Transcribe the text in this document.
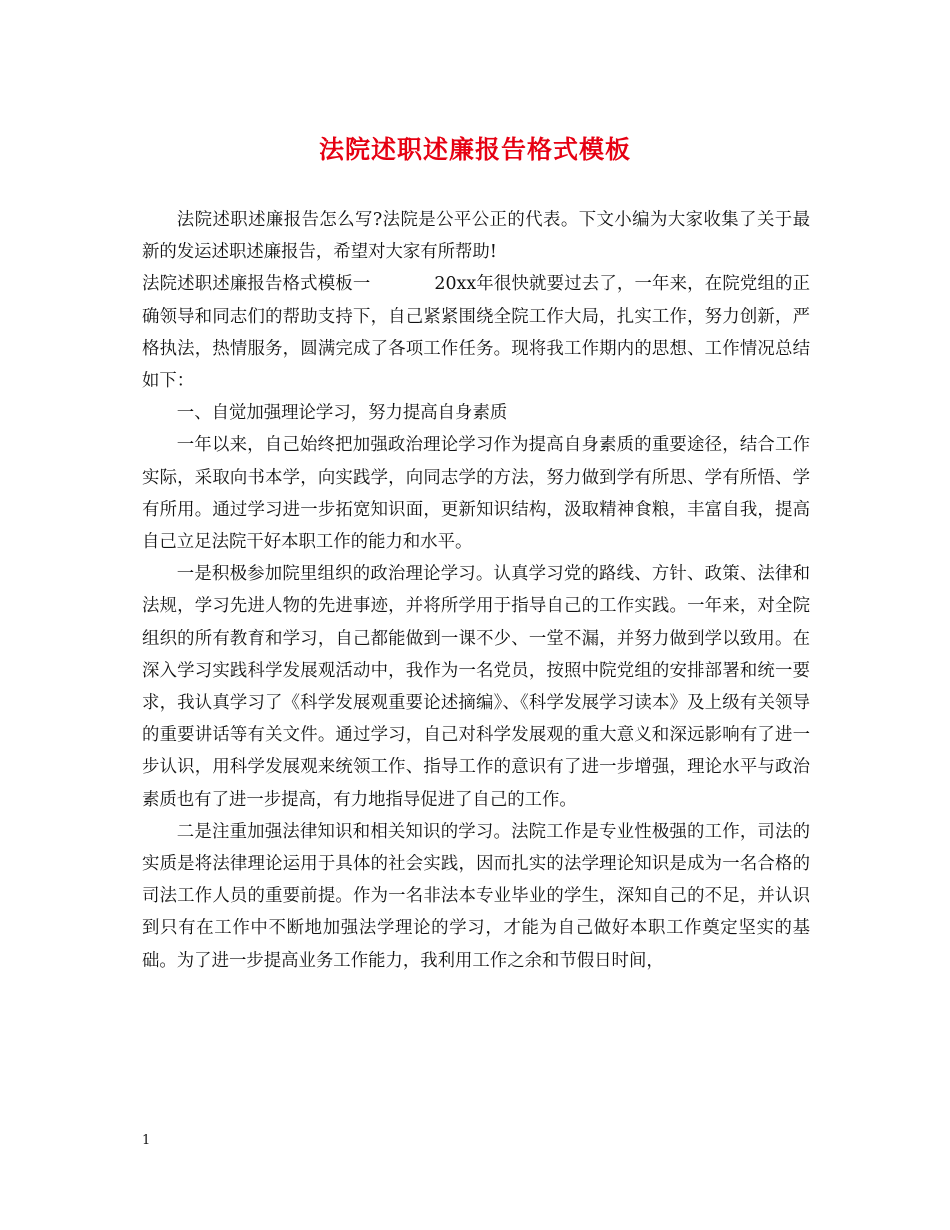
法院述职述廉报告格式模板

法院述职述廉报告怎么写?法院是公平公正的代表。下文小编为大家收集了关于最新的发运述职述廉报告，希望对大家有所帮助!

法院述职述廉报告格式模板一	20xx年很快就要过去了，一年来，在院党组的正确领导和同志们的帮助支持下，自己紧紧围绕全院工作大局，扎实工作，努力创新，严格执法，热情服务，圆满完成了各项工作任务。现将我工作期内的思想、工作情况总结如下：

一、自觉加强理论学习，努力提高自身素质

一年以来，自己始终把加强政治理论学习作为提高自身素质的重要途径，结合工作实际，采取向书本学，向实践学，向同志学的方法，努力做到学有所思、学有所悟、学有所用。通过学习进一步拓宽知识面，更新知识结构，汲取精神食粮，丰富自我，提高自己立足法院干好本职工作的能力和水平。

一是积极参加院里组织的政治理论学习。认真学习党的路线、方针、政策、法律和法规，学习先进人物的先进事迹，并将所学用于指导自己的工作实践。一年来，对全院组织的所有教育和学习，自己都能做到一课不少、一堂不漏，并努力做到学以致用。在深入学习实践科学发展观活动中，我作为一名党员，按照中院党组的安排部署和统一要求，我认真学习了《科学发展观重要论述摘编》、《科学发展学习读本》及上级有关领导的重要讲话等有关文件。通过学习，自己对科学发展观的重大意义和深远影响有了进一步认识，用科学发展观来统领工作、指导工作的意识有了进一步增强，理论水平与政治素质也有了进一步提高，有力地指导促进了自己的工作。

二是注重加强法律知识和相关知识的学习。法院工作是专业性极强的工作，司法的实质是将法律理论运用于具体的社会实践，因而扎实的法学理论知识是成为一名合格的司法工作人员的重要前提。作为一名非法本专业毕业的学生，深知自己的不足，并认识到只有在工作中不断地加强法学理论的学习，才能为自己做好本职工作奠定坚实的基础。为了进一步提高业务工作能力，我利用工作之余和节假日时间，

1
